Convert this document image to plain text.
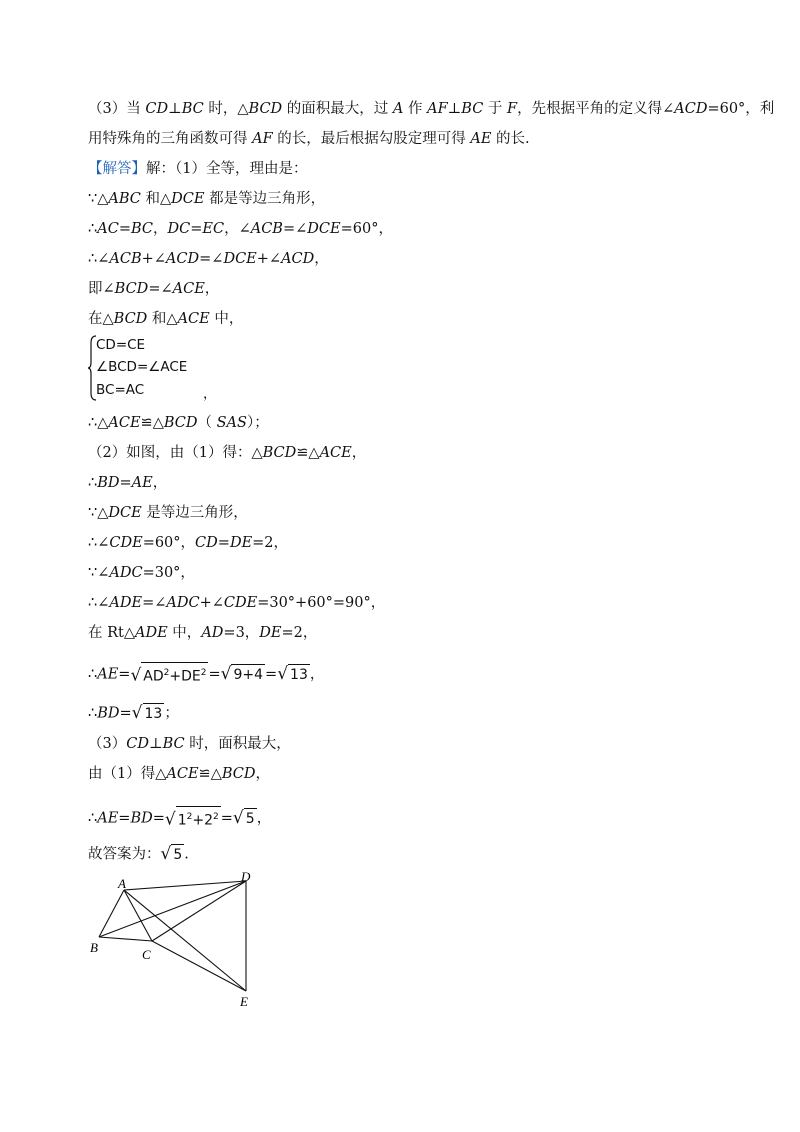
（3）当 CD⊥BC 时，△BCD 的面积最大，过 A 作 AF⊥BC 于 F，先根据平角的定义得∠ACD=60°，利
用特殊角的三角函数可得 AF 的长，最后根据勾股定理可得 AE 的长.
【解答】解：（1）全等，理由是：
∵△ABC 和△DCE 都是等边三角形，
∴AC=BC，DC=EC，∠ACB=∠DCE=60°，
∴∠ACB+∠ACD=∠DCE+∠ACD，
即∠BCD=∠ACE，
在△BCD 和△ACE 中，
CD=CE
∠BCD=∠ACE
BC=AC	，
∴△ACE≌△BCD（ SAS）；
（2）如图，由（1）得：△BCD≌△ACE，
∴BD=AE，
∵△DCE 是等边三角形，
∴∠CDE=60°，CD=DE=2，
∵∠ADC=30°，
∴∠ADE=∠ADC+∠CDE=30°+60°=90°，
在 Rt△ADE 中，AD=3，DE=2，
∴AE=√ $AD^2+DE^2$ =√ 9+4 =√ 13 ，
∴BD=√ 13 ；
（3）CD⊥BC 时，面积最大，
由（1）得△ACE≌△BCD，
∴AE=BD=√ $1^2+2^2$ =√ 5 ，
故答案为：√ 5 .
A
B	C
D
E
